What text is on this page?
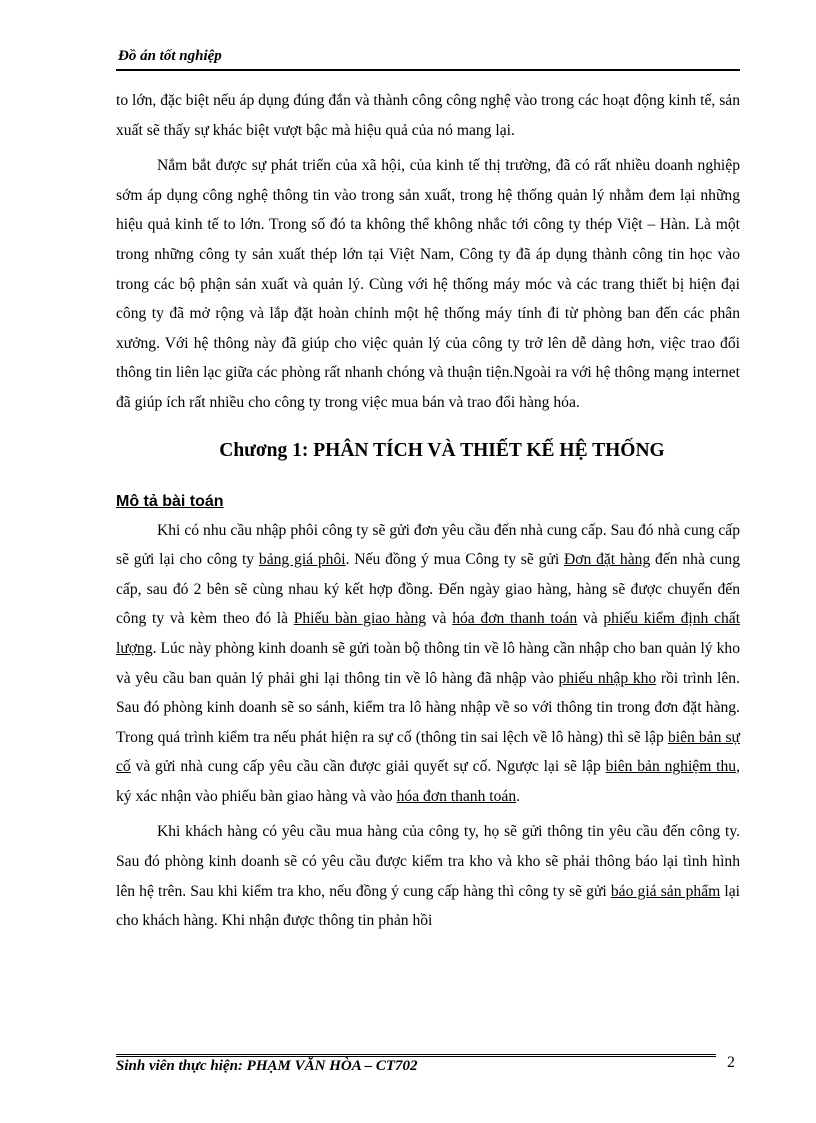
Đồ án tốt nghiệp

to lớn, đặc biệt nếu áp dụng đúng đắn và thành công công nghệ vào trong các hoạt động kinh tế, sản xuất sẽ thấy sự khác biệt vượt bậc mà hiệu quả của nó mang lại.

Nắm bắt được sự phát triển của xã hội, của kinh tế thị trường, đã có rất nhiều doanh nghiệp sớm áp dụng công nghệ thông tin vào trong sản xuất, trong hệ thống quản lý nhằm đem lại những hiệu quả kinh tế to lớn. Trong số đó ta không thể không nhắc tới công ty thép Việt – Hàn. Là một trong những công ty sản xuất thép lớn tại Việt Nam, Công ty đã áp dụng thành công tin học vào trong các bộ phận sản xuất và quản lý. Cùng với hệ thống máy móc và các trang thiết bị hiện đại công ty đã mở rộng và lắp đặt hoàn chỉnh một hệ thống máy tính đi từ phòng ban đến các phân xưởng. Với hệ thông này đã giúp cho việc quản lý của công ty trở lên dễ dàng hơn, việc trao đổi thông tin liên lạc giữa các phòng rất nhanh chóng và thuận tiện.Ngoài ra với hệ thông mạng internet đã giúp ích rất nhiều cho công ty trong việc mua bán và trao đổi hàng hóa.

Chương 1: PHÂN TÍCH VÀ THIẾT KẾ HỆ THỐNG

Mô tả bài toán

Khi có nhu cầu nhập phôi công ty sẽ gửi đơn yêu cầu đến nhà cung cấp. Sau đó nhà cung cấp sẽ gửi lại cho công ty bảng giá phôi. Nếu đồng ý mua Công ty sẽ gửi Đơn đặt hàng đến nhà cung cấp, sau đó 2 bên sẽ cùng nhau ký kết hợp đồng. Đến ngày giao hàng, hàng sẽ được chuyển đến công ty và kèm theo đó là Phiếu bàn giao hàng và hóa đơn thanh toán và phiếu kiểm định chất lượng. Lúc này phòng kinh doanh sẽ gửi toàn bộ thông tin về lô hàng cần nhập cho ban quản lý kho và yêu cầu ban quản lý phải ghi lại thông tin về lô hàng đã nhập vào phiếu nhập kho rồi trình lên. Sau đó phòng kinh doanh sẽ so sánh, kiểm tra lô hàng nhập về so với thông tin trong đơn đặt hàng. Trong quá trình kiểm tra nếu phát hiện ra sự cố (thông tin sai lệch về lô hàng) thì sẽ lập biên bản sự cố và gửi nhà cung cấp yêu cầu cần được giải quyết sự cố. Ngược lại sẽ lập biên bản nghiệm thu, ký xác nhận vào phiếu bàn giao hàng và vào hóa đơn thanh toán.

Khi khách hàng có yêu cầu mua hàng của công ty, họ sẽ gửi thông tin yêu cầu đến công ty. Sau đó phòng kinh doanh sẽ có yêu cầu được kiểm tra kho và kho sẽ phải thông báo lại tình hình lên hệ trên. Sau khi kiểm tra kho, nếu đồng ý cung cấp hàng thì công ty sẽ gửi báo giá sản phẩm lại cho khách hàng. Khi nhận được thông tin phản hồi

Sinh viên thực hiện: PHẠM VĂN HÒA – CT702	2
